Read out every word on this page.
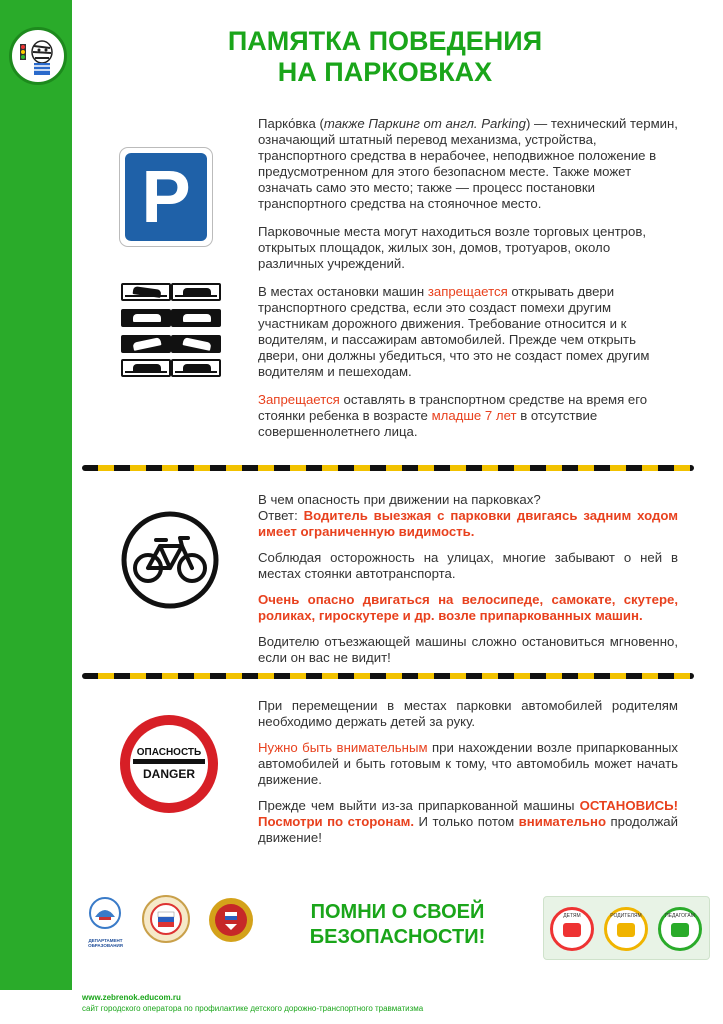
ПАМЯТКА ПОВЕДЕНИЯ
НА ПАРКОВКАХ
P

Парко́вка (также Паркинг от англ. Parking) — технический термин, означающий штатный перевод механизма, устройства, транспортного средства в нерабочее, неподвижное положение в предусмотренном для этого безопасном месте. Также может означать само это место; также — процесс постановки транспортного средства на стояночное место.

Парковочные места могут находиться возле торговых центров, открытых площадок, жилых зон, домов, тротуаров, около различных учреждений.

В местах остановки машин запрещается открывать двери транспортного средства, если это создаст помехи другим участникам дорожного движения. Требование относится и к водителям, и пассажирам автомобилей. Прежде чем открыть двери, они должны убедиться, что это не создаст помех другим водителям и пешеходам.

Запрещается оставлять в транспортном средстве на время его стоянки ребенка в возрасте младше 7 лет в отсутствие совершеннолетнего лица.

В чем опасность при движении на парковках?

Ответ: Водитель выезжая с парковки двигаясь задним ходом имеет ограниченную видимость.

Соблюдая осторожность на улицах, многие забывают о ней в местах стоянки автотранспорта.

Очень опасно двигаться на велосипеде, самокате, скутере, роликах, гироскутере и др. возле припаркованных машин.

Водителю отъезжающей машины сложно остановиться мгновенно, если он вас не видит!

ОПАСНОСТЬ
DANGER

При перемещении в местах парковки автомобилей родителям необходимо держать детей за руку.

Нужно быть внимательным при нахождении возле припаркованных автомобилей и быть готовым к тому, что автомобиль может начать движение.

Прежде чем выйти из-за припаркованной машины ОСТАНОВИСЬ! Посмотри по сторонам. И только потом внимательно продолжай движение!

ДЕПАРТАМЕНТ
ОБРАЗОВАНИЯ
ПОМНИ О СВОЕЙ
БЕЗОПАСНОСТИ!
ДЕТЯМ	РОДИТЕЛЯМ	ПЕДАГОГАМ
www.zebrenok.educom.ru
сайт городского оператора по профилактике детского дорожно-транспортного травматизма
